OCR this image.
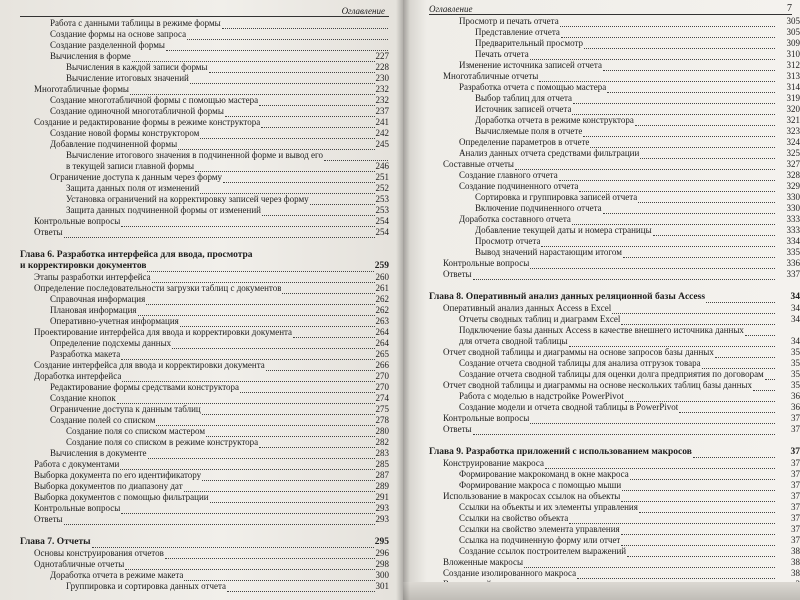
Оглавление
Работа с данными таблицы в режиме формы
Создание формы на основе запроса
Создание разделенной формы
Вычисления в форме	227
Вычисления в каждой записи формы	228
Вычисление итоговых значений	230
Многотабличные формы	232
Создание многотабличной формы с помощью мастера	232
Создание одиночной многотабличной формы	237
Создание и редактирование формы в режиме конструктора	241
Создание новой формы конструктором	242
Добавление подчиненной формы	245
Вычисление итогового значения в подчиненной форме и вывод его
в текущей записи главной формы	246
Ограничение доступа к данным через форму	251
Защита данных поля от изменений	252
Установка ограничений на корректировку записей через форму	253
Защита данных подчиненной формы от изменений	253
Контрольные вопросы	254
Ответы	254
Глава 6. Разработка интерфейса для ввода, просмотра
и корректировки документов	259
Этапы разработки интерфейса	260
Определение последовательности загрузки таблиц с документов	261
Справочная информация	262
Плановая информация	262
Оперативно-учетная информация	263
Проектирование интерфейса для ввода и корректировки документа	264
Определение подсхемы данных	264
Разработка макета	265
Создание интерфейса для ввода и корректировки документа	266
Доработка интерфейса	270
Редактирование формы средствами конструктора	270
Создание кнопок	274
Ограничение доступа к данным таблиц	275
Создание полей со списком	278
Создание поля со списком мастером	280
Создание поля со списком в режиме конструктора	282
Вычисления в документе	283
Работа с документами	285
Выборка документа по его идентификатору	287
Выборка документов по диапазону дат	289
Выборка документов с помощью фильтрации	291
Контрольные вопросы	293
Ответы	293
Глава 7. Отчеты	295
Основы конструирования отчетов	296
Однотабличные отчеты	298
Доработка отчета в режиме макета	300
Группировка и сортировка данных отчета	301
Оглавление	7
Просмотр и печать отчета	305
Представление отчета	305
Предварительный просмотр	309
Печать отчета	310
Изменение источника записей отчета	312
Многотабличные отчеты	313
Разработка отчета с помощью мастера	314
Выбор таблиц для отчета	319
Источник записей отчета	320
Доработка отчета в режиме конструктора	321
Вычисляемые поля в отчете	323
Определение параметров в отчете	324
Анализ данных отчета средствами фильтрации	325
Составные отчеты	327
Создание главного отчета	328
Создание подчиненного отчета	329
Сортировка и группировка записей отчета	330
Включение подчиненного отчета	330
Доработка составного отчета	333
Добавление текущей даты и номера страницы	333
Просмотр отчета	334
Вывод значений нарастающим итогом	335
Контрольные вопросы	336
Ответы	337
Глава 8. Оперативный анализ данных реляционной базы Access	34
Оперативный анализ данных Access в Excel	34
Отчеты сводных таблиц и диаграмм Excel	34
Подключение базы данных Access в качестве внешнего источника данных
для отчета сводной таблицы	34
Отчет сводной таблицы и диаграммы на основе запросов базы данных	35
Создание отчета сводной таблицы для анализа отгрузок товара	35
Создание отчета сводной таблицы для оценки долга предприятия по договорам	35
Отчет сводной таблицы и диаграммы на основе нескольких таблиц базы данных	35
Работа с моделью в надстройке PowerPivot	36
Создание модели и отчета сводной таблицы в PowerPivot	36
Контрольные вопросы	37
Ответы	37
Глава 9. Разработка приложений с использованием макросов	37
Конструирование макроса	37
Формирование макрокоманд в окне макроса	37
Формирование макроса с помощью мыши	37
Использование в макросах ссылок на объекты	37
Ссылки на объекты и их элементы управления	37
Ссылки на свойство объекта	37
Ссылки на свойство элемента управления	37
Ссылка на подчиненную форму или отчет	37
Создание ссылок построителем выражений	38
Вложенные макросы	38
Создание изолированного макроса	38
